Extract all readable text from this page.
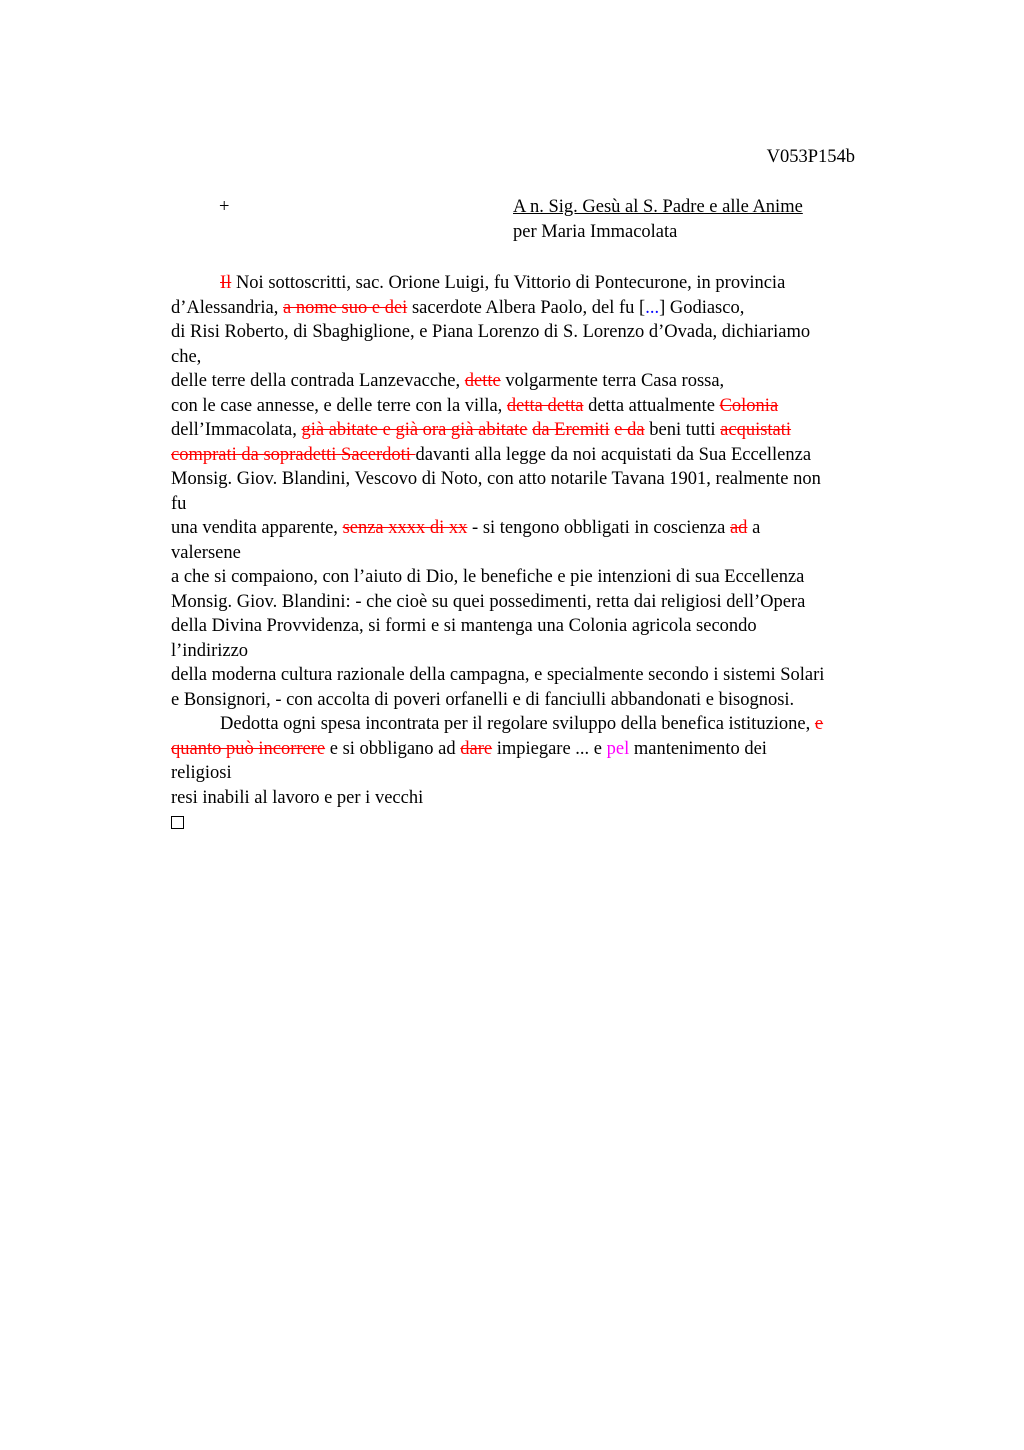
V053P154b
+	A n. Sig. Gesù al S. Padre e alle Anime
per Maria Immacolata
Il Noi sottoscritti, sac. Orione Luigi, fu Vittorio di Pontecurone, in provincia
d’Alessandria, a nome suo e dei sacerdote Albera Paolo, del fu [...] Godiasco,
di Risi Roberto, di Sbaghiglione, e Piana Lorenzo di S. Lorenzo d’Ovada, dichiariamo
che,
delle terre della contrada Lanzevacche, dette volgarmente terra Casa rossa,
con le case annesse, e delle terre con la villa, detta detta detta attualmente Colonia
dell’Immacolata, già abitate e già ora già abitate da Eremiti e da beni tutti acquistati
comprati da sopradetti Sacerdoti davanti alla legge da noi acquistati da Sua Eccellenza
Monsig. Giov. Blandini, Vescovo di Noto, con atto notarile Tavana 1901, realmente non
fu
una vendita apparente, senza xxxx di xx - si tengono obbligati in coscienza ad a
valersene
a che si compaiono, con l’aiuto di Dio, le benefiche e pie intenzioni di sua Eccellenza
Monsig. Giov. Blandini: - che cioè su quei possedimenti, retta dai religiosi dell’Opera
della Divina Provvidenza, si formi e si mantenga una Colonia agricola secondo
l’indirizzo
della moderna cultura razionale della campagna, e specialmente secondo i sistemi Solari
e Bonsignori, - con accolta di poveri orfanelli e di fanciulli abbandonati e bisognosi.
Dedotta ogni spesa incontrata per il regolare sviluppo della benefica istituzione, e
quanto può incorrere e si obbligano ad dare impiegare ... e pel mantenimento dei
religiosi
resi inabili al lavoro e per i vecchi
